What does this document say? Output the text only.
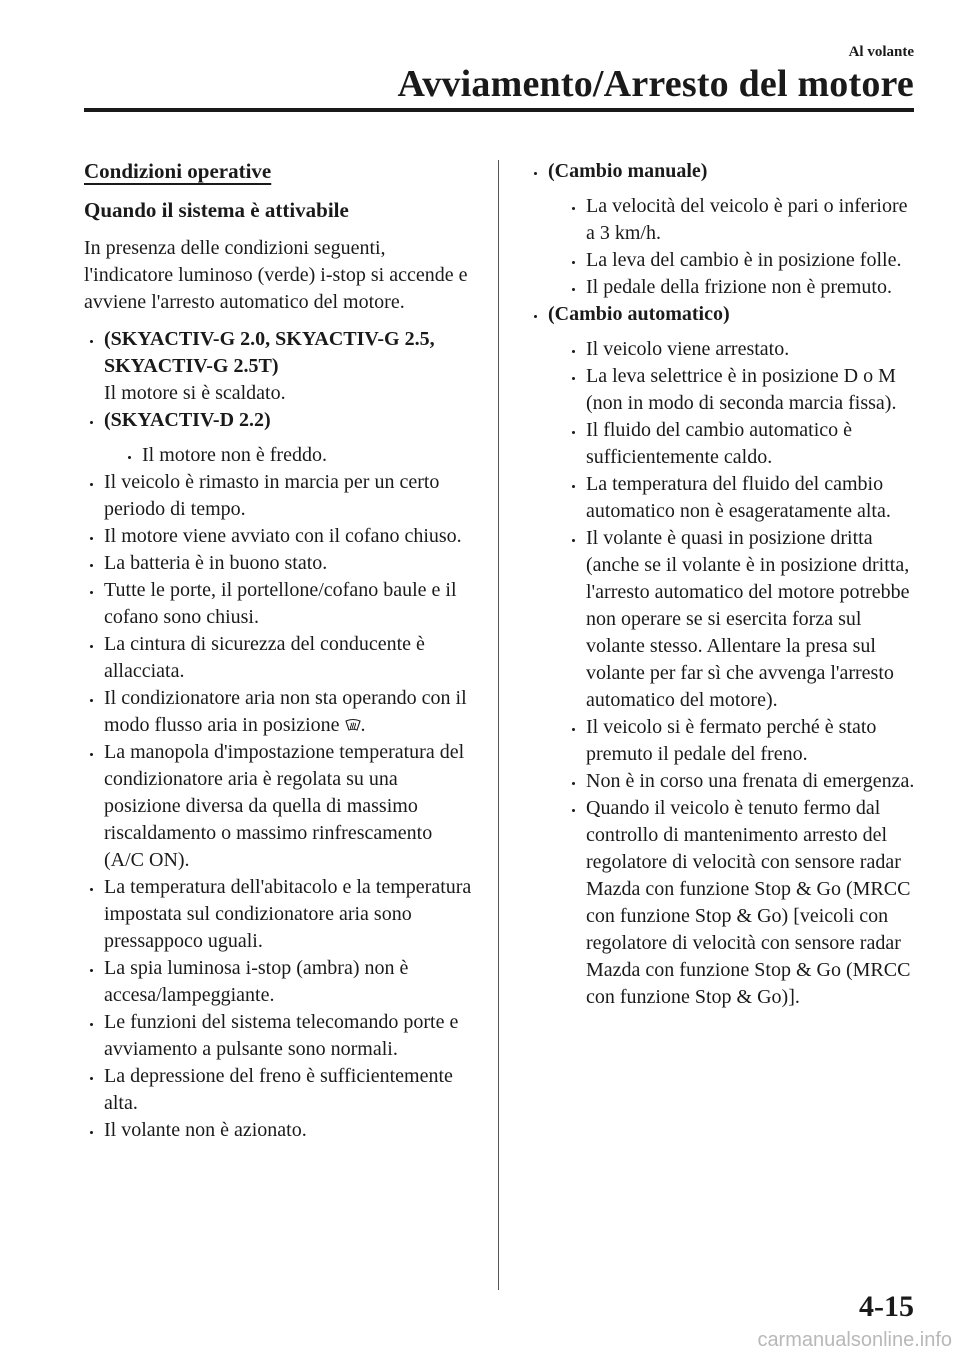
Al volante
Avviamento/Arresto del motore
Condizioni operative
Quando il sistema è attivabile
In presenza delle condizioni seguenti, l'indicatore luminoso (verde) i-stop si accende e avviene l'arresto automatico del motore.
(SKYACTIV-G 2.0, SKYACTIV-G 2.5, SKYACTIV-G 2.5T)
Il motore si è scaldato.
(SKYACTIV-D 2.2)
Il motore non è freddo.
Il veicolo è rimasto in marcia per un certo periodo di tempo.
Il motore viene avviato con il cofano chiuso.
La batteria è in buono stato.
Tutte le porte, il portellone/cofano baule e il cofano sono chiusi.
La cintura di sicurezza del conducente è allacciata.
Il condizionatore aria non sta operando con il modo flusso aria in posizione .
La manopola d'impostazione temperatura del condizionatore aria è regolata su una posizione diversa da quella di massimo riscaldamento o massimo rinfrescamento (A/C ON).
La temperatura dell'abitacolo e la temperatura impostata sul condizionatore aria sono pressappoco uguali.
La spia luminosa i-stop (ambra) non è accesa/lampeggiante.
Le funzioni del sistema telecomando porte e avviamento a pulsante sono normali.
La depressione del freno è sufficientemente alta.
Il volante non è azionato.
(Cambio manuale)
La velocità del veicolo è pari o inferiore a 3 km/h.
La leva del cambio è in posizione folle.
Il pedale della frizione non è premuto.
(Cambio automatico)
Il veicolo viene arrestato.
La leva selettrice è in posizione D o M (non in modo di seconda marcia fissa).
Il fluido del cambio automatico è sufficientemente caldo.
La temperatura del fluido del cambio automatico non è esageratamente alta.
Il volante è quasi in posizione dritta (anche se il volante è in posizione dritta, l'arresto automatico del motore potrebbe non operare se si esercita forza sul volante stesso. Allentare la presa sul volante per far sì che avvenga l'arresto automatico del motore).
Il veicolo si è fermato perché è stato premuto il pedale del freno.
Non è in corso una frenata di emergenza.
Quando il veicolo è tenuto fermo dal controllo di mantenimento arresto del regolatore di velocità con sensore radar Mazda con funzione Stop & Go (MRCC con funzione Stop & Go) [veicoli con regolatore di velocità con sensore radar Mazda con funzione Stop & Go (MRCC con funzione Stop & Go)].
4-15
carmanualsonline.info
